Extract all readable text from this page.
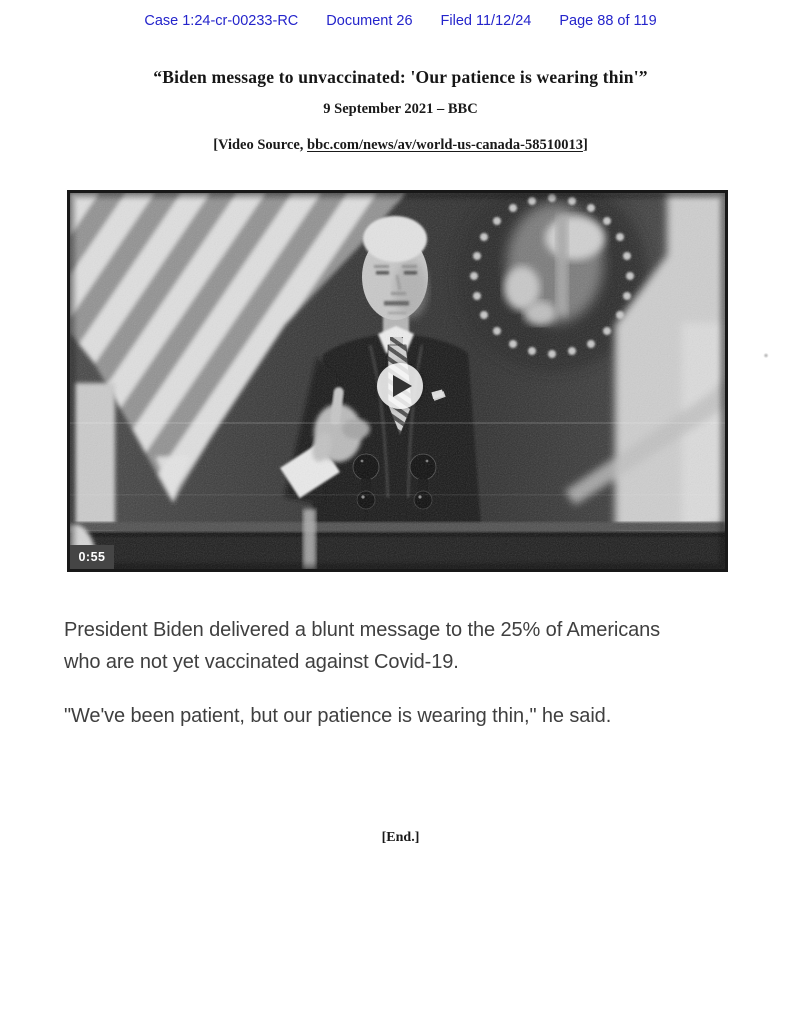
Case 1:24-cr-00233-RC Document 26 Filed 11/12/24 Page 88 of 119
“Biden message to unvaccinated: 'Our patience is wearing thin'”
9 September 2021 – BBC
[Video Source, bbc.com/news/av/world-us-canada-58510013]
0:55
President Biden delivered a blunt message to the 25% of Americans
who are not yet vaccinated against Covid-19.
"We've been patient, but our patience is wearing thin," he said.
[End.]
